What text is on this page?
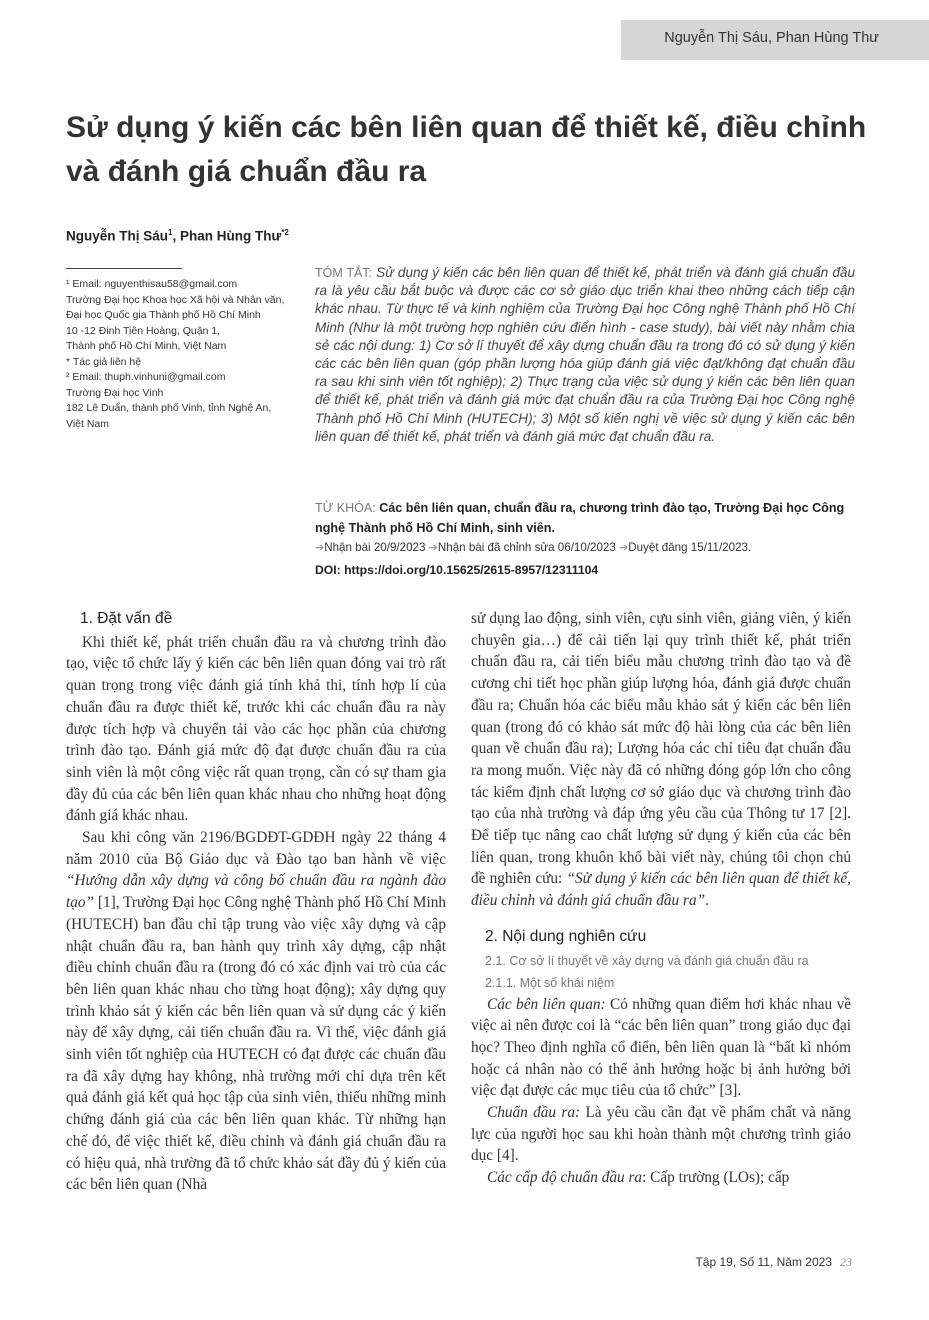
Nguyễn Thị Sáu, Phan Hùng Thư
Sử dụng ý kiến các bên liên quan để thiết kế, điều chỉnh
và đánh giá chuẩn đầu ra
Nguyễn Thị Sáu$^1$, Phan Hùng Thư$^{*2}$
¹ Email: nguyenthisau58@gmail.com
Trường Đại học Khoa học Xã hội và Nhân văn,
Đại học Quốc gia Thành phố Hồ Chí Minh
10 -12 Đinh Tiên Hoàng, Quận 1,
Thành phố Hồ Chí Minh, Việt Nam
* Tác giả liên hệ
² Email: thuph.vinhuni@gmail.com
Trường Đại học Vinh
182 Lê Duẩn, thành phố Vinh, tỉnh Nghệ An,
Việt Nam
TÓM TẮT: Sử dụng ý kiến các bên liên quan để thiết kế, phát triển và đánh giá chuẩn đầu ra là yêu cầu bắt buộc và được các cơ sở giáo dục triển khai theo những cách tiếp cận khác nhau. Từ thực tế và kinh nghiệm của Trường Đại học Công nghệ Thành phố Hồ Chí Minh (Như là một trường hợp nghiên cứu điển hình - case study), bài viết này nhằm chia sẻ các nội dung: 1) Cơ sở lí thuyết để xây dựng chuẩn đầu ra trong đó có sử dụng ý kiến các các bên liên quan (góp phần lượng hóa giúp đánh giá việc đạt/không đạt chuẩn đầu ra sau khi sinh viên tốt nghiệp); 2) Thực trạng của việc sử dụng ý kiến các bên liên quan để thiết kế, phát triển và đánh giá mức đạt chuẩn đầu ra của Trường Đại học Công nghệ Thành phố Hồ Chí Minh (HUTECH); 3) Một số kiến nghị về việc sử dụng ý kiến các bên liên quan để thiết kế, phát triển và đánh giá mức đạt chuẩn đầu ra.
TỪ KHÓA: Các bên liên quan, chuẩn đầu ra, chương trình đào tạo, Trường Đại học Công nghệ Thành phố Hồ Chí Minh, sinh viên.
➔Nhận bài 20/9/2023 ➔Nhận bài đã chỉnh sửa 06/10/2023 ➔Duyệt đăng 15/11/2023.
DOI: https://doi.org/10.15625/2615-8957/12311104
1. Đặt vấn đề

Khi thiết kế, phát triển chuẩn đầu ra và chương trình đào tạo, việc tổ chức lấy ý kiến các bên liên quan đóng vai trò rất quan trọng trong việc đánh giá tính khả thi, tính hợp lí của chuẩn đầu ra được thiết kế, trước khi các chuẩn đầu ra này được tích hợp và chuyển tải vào các học phần của chương trình đào tạo. Đánh giá mức độ đạt được chuẩn đầu ra của sinh viên là một công việc rất quan trọng, cần có sự tham gia đầy đủ của các bên liên quan khác nhau cho những hoạt động đánh giá khác nhau.

Sau khi công văn 2196/BGDĐT-GDĐH ngày 22 tháng 4 năm 2010 của Bộ Giáo dục và Đào tạo ban hành về việc “Hướng dẫn xây dựng và công bố chuẩn đầu ra ngành đào tạo” [1], Trường Đại học Công nghệ Thành phố Hồ Chí Minh (HUTECH) ban đầu chỉ tập trung vào việc xây dựng và cập nhật chuẩn đầu ra, ban hành quy trình xây dựng, cập nhật điều chỉnh chuẩn đầu ra (trong đó có xác định vai trò của các bên liên quan khác nhau cho từng hoạt động); xây dựng quy trình khảo sát ý kiến các bên liên quan và sử dụng các ý kiến này để xây dựng, cải tiến chuẩn đầu ra. Vì thế, việc đánh giá sinh viên tốt nghiệp của HUTECH có đạt được các chuẩn đầu ra đã xây dựng hay không, nhà trường mới chỉ dựa trên kết quả đánh giá kết quả học tập của sinh viên, thiếu những minh chứng đánh giá của các bên liên quan khác. Từ những hạn chế đó, để việc thiết kế, điều chỉnh và đánh giá chuẩn đầu ra có hiệu quả, nhà trường đã tổ chức khảo sát đầy đủ ý kiến của các bên liên quan (Nhà

sử dụng lao động, sinh viên, cựu sinh viên, giảng viên, ý kiến chuyên gia…) để cải tiến lại quy trình thiết kế, phát triển chuẩn đầu ra, cải tiến biểu mẫu chương trình đào tạo và đề cương chi tiết học phần giúp lượng hóa, đánh giá được chuẩn đầu ra; Chuẩn hóa các biểu mẫu khảo sát ý kiến các bên liên quan (trong đó có khảo sát mức độ hài lòng của các bên liên quan về chuẩn đầu ra); Lượng hóa các chỉ tiêu đạt chuẩn đầu ra mong muốn. Việc này đã có những đóng góp lớn cho công tác kiểm định chất lượng cơ sở giáo dục và chương trình đào tạo của nhà trường và đáp ứng yêu cầu của Thông tư 17 [2]. Để tiếp tục nâng cao chất lượng sử dụng ý kiến của các bên liên quan, trong khuôn khổ bài viết này, chúng tôi chọn chủ đề nghiên cứu: “Sử dụng ý kiến các bên liên quan để thiết kế, điều chỉnh và đánh giá chuẩn đầu ra”.

2. Nội dung nghiên cứu
2.1. Cơ sở lí thuyết về xây dựng và đánh giá chuẩn đầu ra
2.1.1. Một số khái niệm

Các bên liên quan: Có những quan điểm hơi khác nhau về việc ai nên được coi là “các bên liên quan” trong giáo dục đại học? Theo định nghĩa cổ điển, bên liên quan là “bất kì nhóm hoặc cá nhân nào có thể ảnh hưởng hoặc bị ảnh hưởng bởi việc đạt được các mục tiêu của tổ chức” [3].

Chuẩn đầu ra: Là yêu cầu cần đạt về phẩm chất và năng lực của người học sau khi hoàn thành một chương trình giáo dục [4].

Các cấp độ chuẩn đầu ra: Cấp trường (LOs); cấp

Tập 19, Số 11, Năm 2023 23
